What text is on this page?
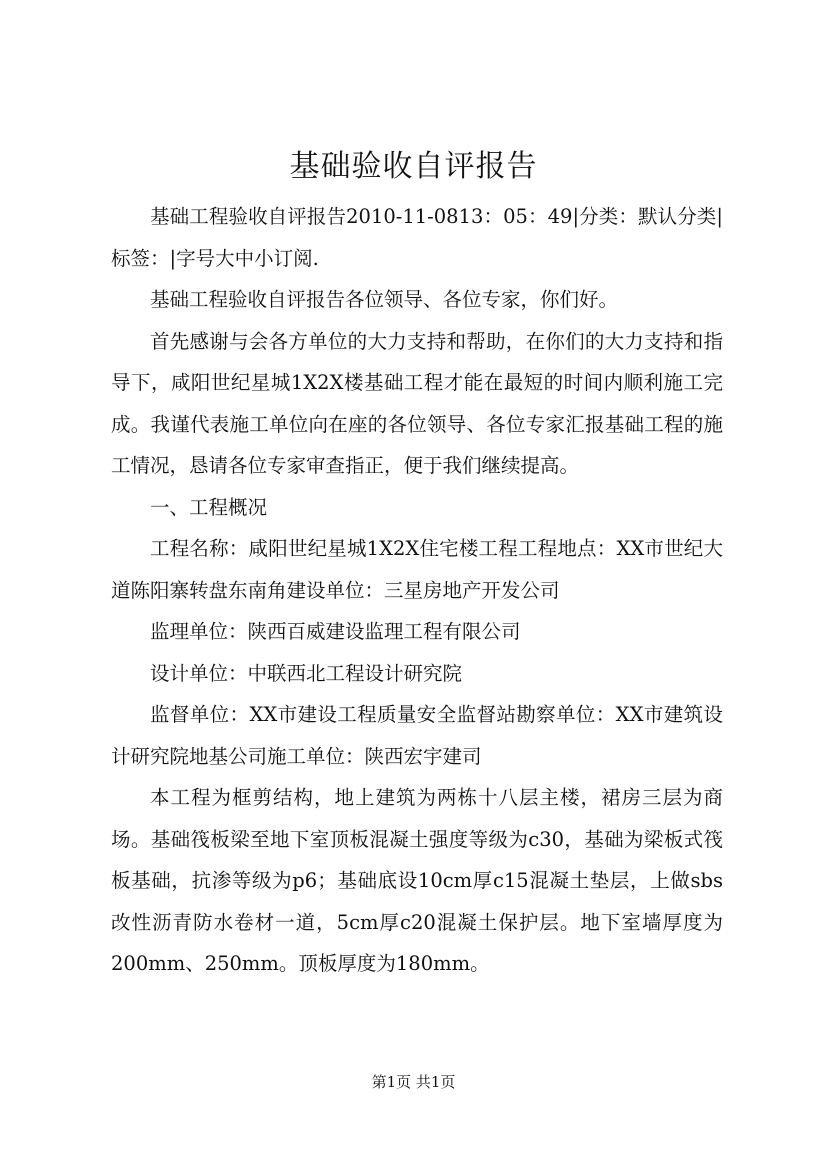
基础验收自评报告

基础工程验收自评报告2010-11-0813：05：49|分类：默认分类|标签：|字号大中小订阅.

基础工程验收自评报告各位领导、各位专家，你们好。

首先感谢与会各方单位的大力支持和帮助，在你们的大力支持和指导下，咸阳世纪星城1X2X楼基础工程才能在最短的时间内顺利施工完成。我谨代表施工单位向在座的各位领导、各位专家汇报基础工程的施工情况，恳请各位专家审查指正，便于我们继续提高。

一、工程概况

工程名称：咸阳世纪星城1X2X住宅楼工程工程地点：XX市世纪大道陈阳寨转盘东南角建设单位：三星房地产开发公司

监理单位：陕西百威建设监理工程有限公司

设计单位：中联西北工程设计研究院

监督单位：XX市建设工程质量安全监督站勘察单位：XX市建筑设计研究院地基公司施工单位：陕西宏宇建司

本工程为框剪结构，地上建筑为两栋十八层主楼，裙房三层为商场。基础筏板梁至地下室顶板混凝土强度等级为c30，基础为梁板式筏板基础，抗渗等级为p6；基础底设10cm厚c15混凝土垫层，上做sbs改性沥青防水卷材一道，5cm厚c20混凝土保护层。地下室墙厚度为200mm、250mm。顶板厚度为180mm。

第1页 共1页
